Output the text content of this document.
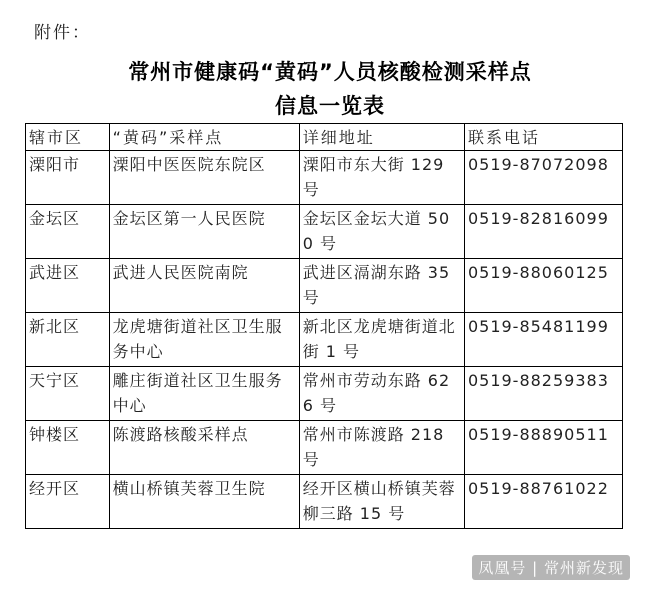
附件：
常州市健康码“黄码”人员核酸检测采样点
信息一览表
辖市区	“黄码”采样点	详细地址	联系电话
溧阳市	溧阳中医医院东院区	溧阳市东大街 129 号	0519-87072098
金坛区	金坛区第一人民医院	金坛区金坛大道 500 号	0519-82816099
武进区	武进人民医院南院	武进区滆湖东路 35 号	0519-88060125
新北区	龙虎塘街道社区卫生服务中心	新北区龙虎塘街道北街 1 号	0519-85481199
天宁区	雕庄街道社区卫生服务中心	常州市劳动东路 626 号	0519-88259383
钟楼区	陈渡路核酸采样点	常州市陈渡路 218 号	0519-88890511
经开区	横山桥镇芙蓉卫生院	经开区横山桥镇芙蓉柳三路 15 号	0519-88761022
凤凰号 | 常州新发现
